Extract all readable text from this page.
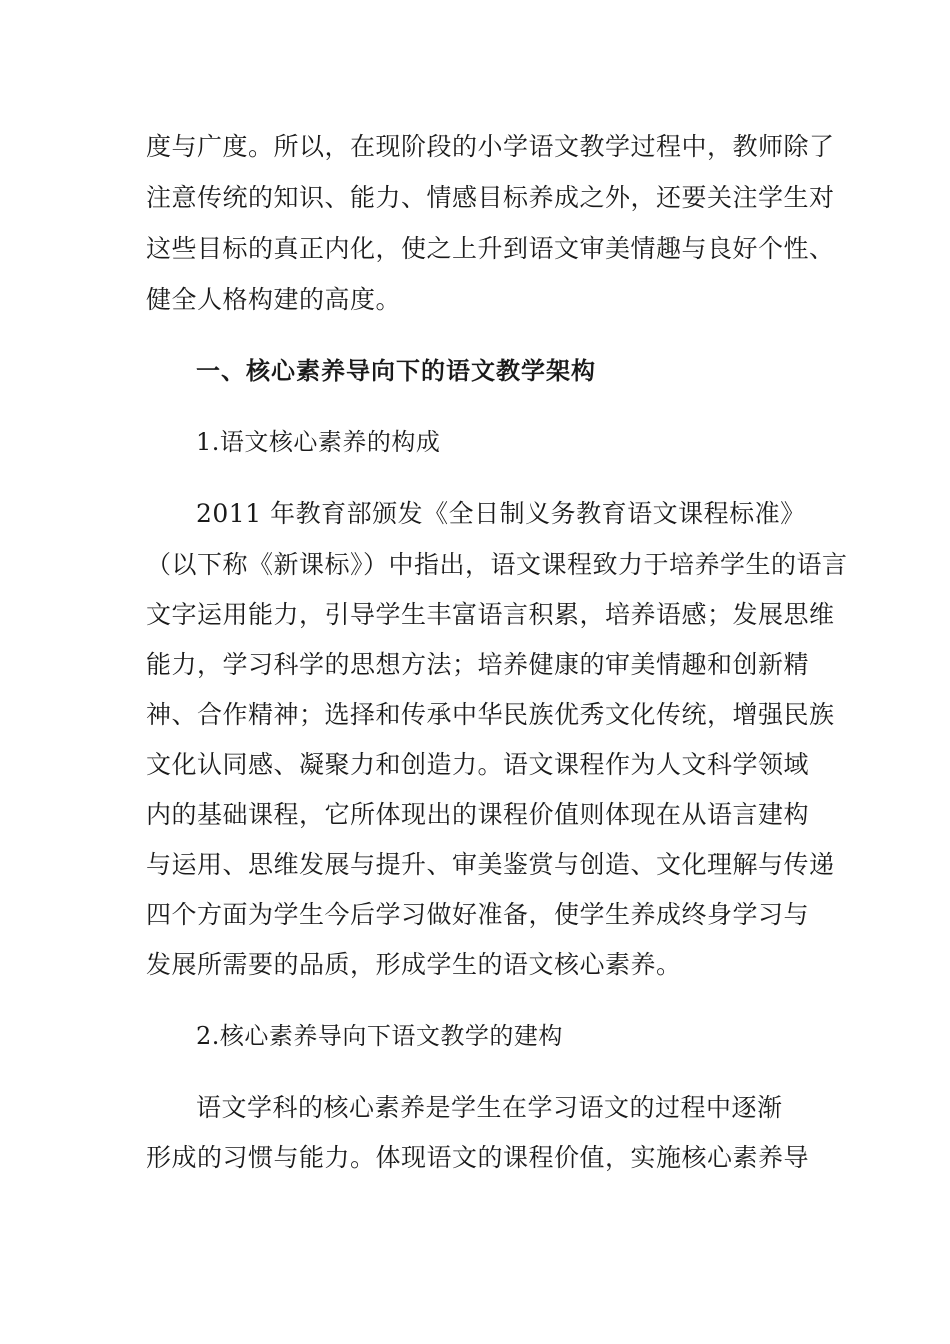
度与广度。所以，在现阶段的小学语文教学过程中，教师除了
注意传统的知识、能力、情感目标养成之外，还要关注学生对
这些目标的真正内化，使之上升到语文审美情趣与良好个性、
健全人格构建的高度。
一、核心素养导向下的语文教学架构
1.语文核心素养的构成
2011 年教育部颁发《全日制义务教育语文课程标准》
（以下称《新课标》）中指出，语文课程致力于培养学生的语言
文字运用能力，引导学生丰富语言积累，培养语感；发展思维
能力，学习科学的思想方法；培养健康的审美情趣和创新精
神、合作精神；选择和传承中华民族优秀文化传统，增强民族
文化认同感、凝聚力和创造力。语文课程作为人文科学领域
内的基础课程，它所体现出的课程价值则体现在从语言建构
与运用、思维发展与提升、审美鉴赏与创造、文化理解与传递
四个方面为学生今后学习做好准备，使学生养成终身学习与
发展所需要的品质，形成学生的语文核心素养。
2.核心素养导向下语文教学的建构
语文学科的核心素养是学生在学习语文的过程中逐渐
形成的习惯与能力。体现语文的课程价值，实施核心素养导
